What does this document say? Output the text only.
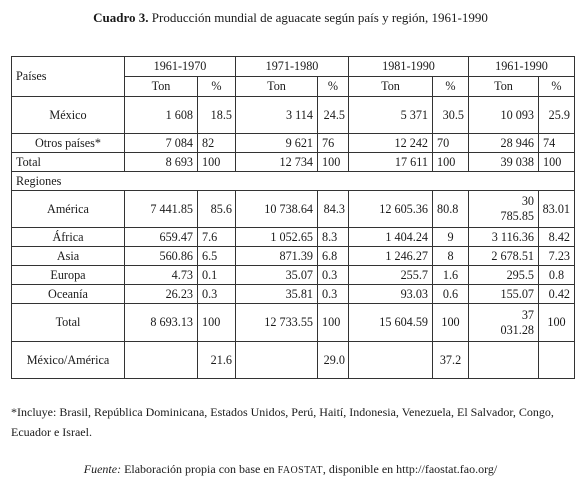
Cuadro 3. Producción mundial de aguacate según país y región, 1961-1990
Países	1961-1970		1971-1980		1981-1990		1961-1990	
	Ton	%	Ton	%	Ton	%	Ton	%
México	1 608	18.5	3 114	24.5	5 371	30.5	10 093	25.9
Otros países*	7 084	82	9 621	76	12 242	70	28 946	74
Total	8 693	100	12 734	100	17 611	100	39 038	100
Regiones								
América	7 441.85	85.6	10 738.64	84.3	12 605.36	80.8	30 785.85	83.01
África	659.47	7.6	1 052.65	8.3	1 404.24	9	3 116.36	8.42
Asia	560.86	6.5	871.39	6.8	1 246.27	8	2 678.51	7.23
Europa	4.73	0.1	35.07	0.3	255.7	1.6	295.5	0.8
Oceanía	26.23	0.3	35.81	0.3	93.03	0.6	155.07	0.42
Total	8 693.13	100	12 733.55	100	15 604.59	100	37 031.28	100
México/América		21.6		29.0		37.2		
*Incluye: Brasil, República Dominicana, Estados Unidos, Perú, Haití, Indonesia, Venezuela, El Salvador, Congo, Ecuador e Israel.
Fuente: Elaboración propia con base en FAOSTAT, disponible en http://faostat.fao.org/
